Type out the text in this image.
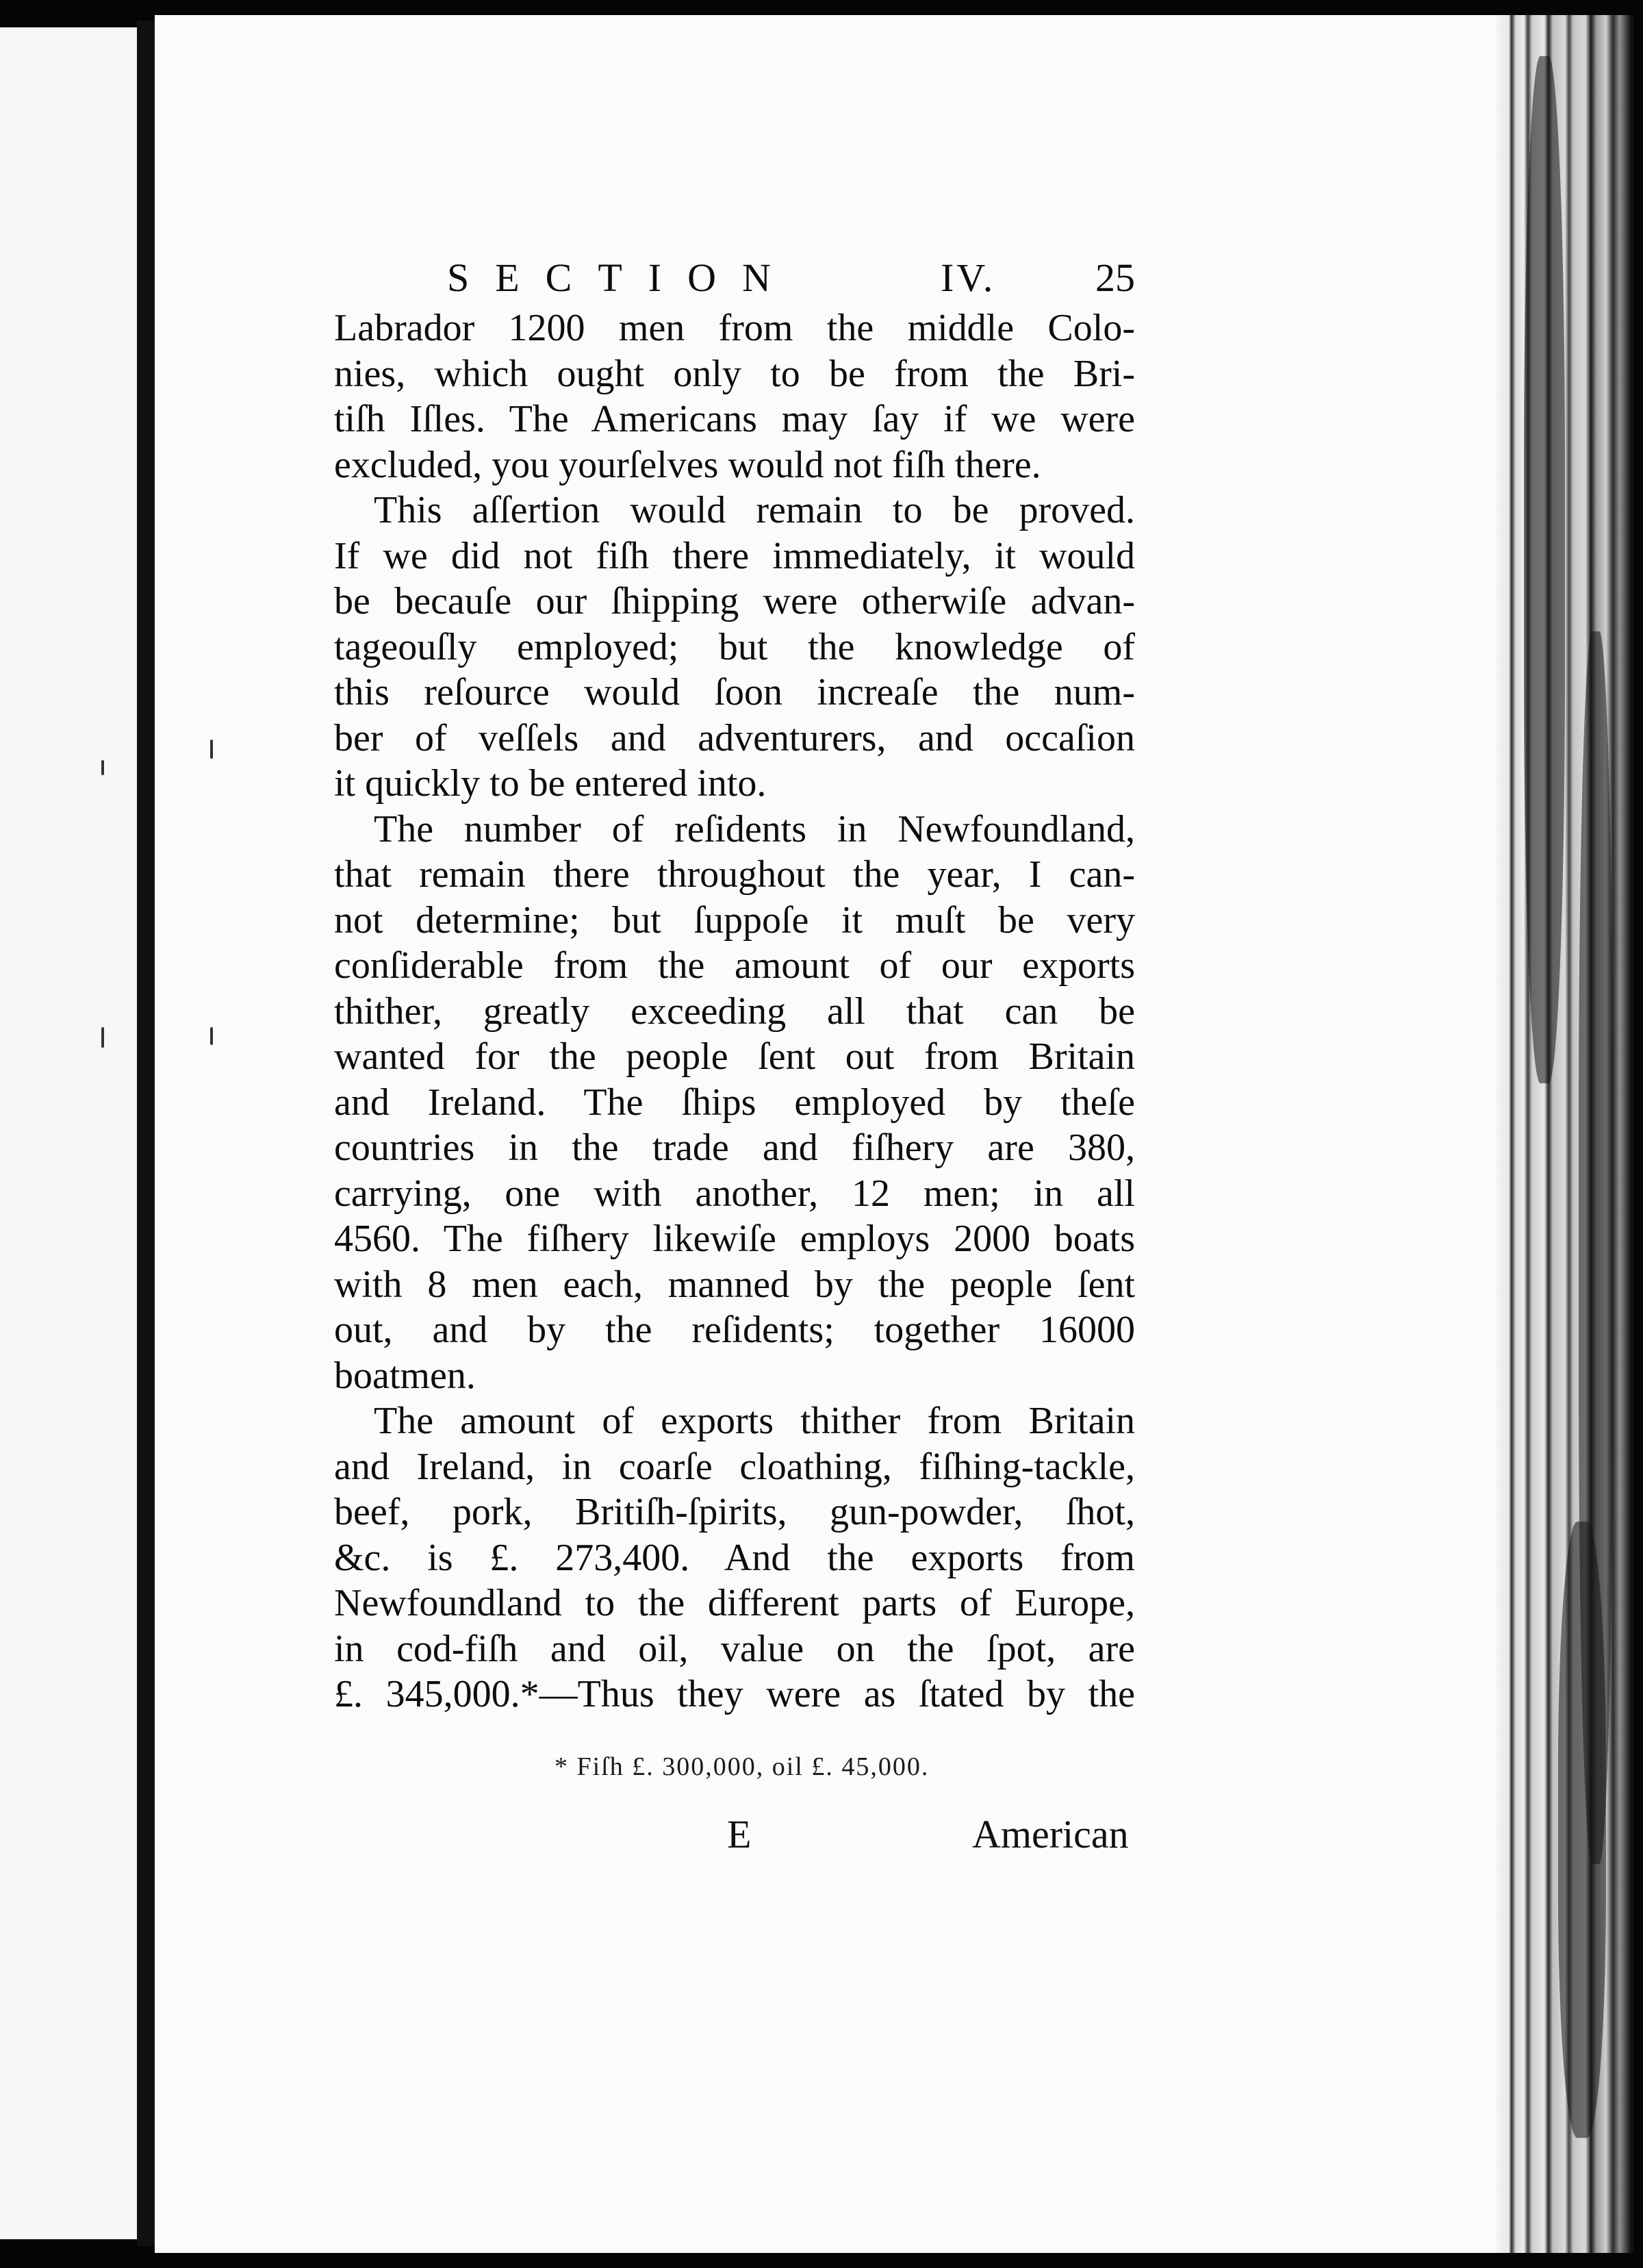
SECTION	IV.	25
Labrador 1200 men from the middle Colo-
nies, which ought only to be from the Bri-
tiſh Iſles. The Americans may ſay if we were
excluded, you yourſelves would not fiſh there.
This aſſertion would remain to be proved.
If we did not fiſh there immediately, it would
be becauſe our ſhipping were otherwiſe advan-
tageouſly employed; but the knowledge of
this reſource would ſoon increaſe the num-
ber of veſſels and adventurers, and occaſion
it quickly to be entered into.
The number of reſidents in Newfoundland,
that remain there throughout the year, I can-
not determine; but ſuppoſe it muſt be very
conſiderable from the amount of our exports
thither, greatly exceeding all that can be
wanted for the people ſent out from Britain
and Ireland. The ſhips employed by theſe
countries in the trade and fiſhery are 380,
carrying, one with another, 12 men; in all
4560. The fiſhery likewiſe employs 2000 boats
with 8 men each, manned by the people ſent
out, and by the reſidents; together 16000
boatmen.
The amount of exports thither from Britain
and Ireland, in coarſe cloathing, fiſhing-tackle,
beef, pork, Britiſh-ſpirits, gun-powder, ſhot,
&c. is £. 273,400. And the exports from
Newfoundland to the different parts of Europe,
in cod-fiſh and oil, value on the ſpot, are
£. 345,000.*—Thus they were as ſtated by the
* Fiſh £. 300,000, oil £. 45,000.
E	American
